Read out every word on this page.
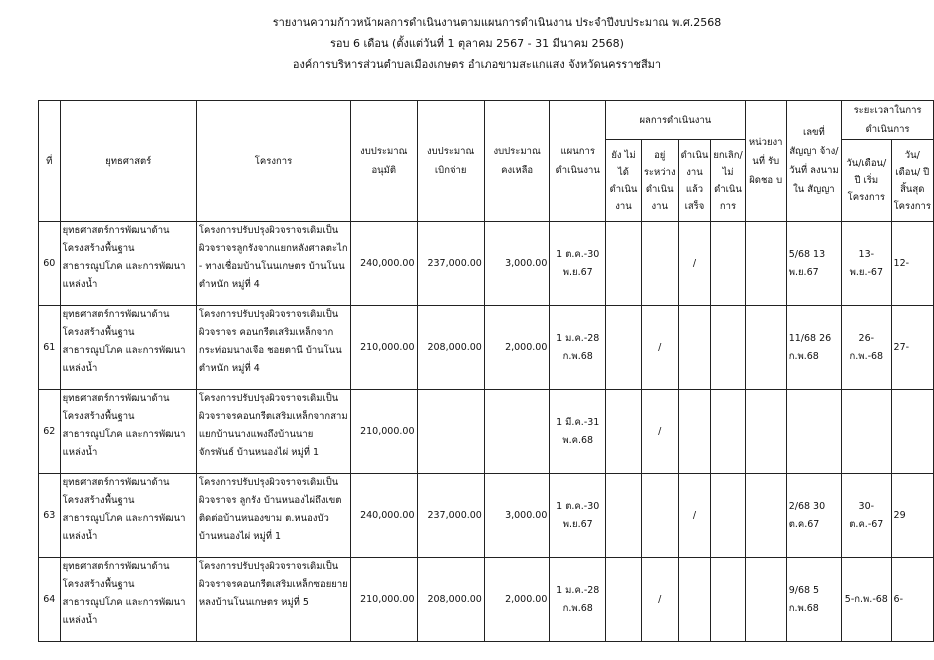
รายงานความก้าวหน้าผลการดำเนินงานตามแผนการดำเนินงาน ประจำปีงบประมาณ พ.ศ.2568
รอบ 6 เดือน (ตั้งแต่วันที่ 1 ตุลาคม 2567 - 31 มีนาคม 2568)
องค์การบริหารส่วนตำบลเมืองเกษตร อำเภอขามสะแกแสง จังหวัดนครราชสีมา
ที่	ยุทธศาสตร์	โครงการ	งบประมาณ อนุมัติ	งบประมาณ เบิกจ่าย	งบประมาณ คงเหลือ	แผนการ ดำเนินงาน	ผลการดำเนินงาน				หน่วยงา นที่ รับผิดชอ บ	เลขที่ สัญญา จ้าง/วันที่ ลงนามใน สัญญา	ระยะเวลาในการ ดำเนินการ	
							ยัง ไม่ได้ ดำเนินงาน	อยู่ ระหว่าง ดำเนินงาน	ดำเนิน งาน แล้ว เสร็จ	ยกเลิก/ ไม่ ดำเนินการ			วัน/เดือน/ ปี เริ่ม โครงการ	วัน/เดือน/ ปี สิ้นสุด โครงการ
60	ยุทธศาสตร์การพัฒนาด้านโครงสร้างพื้นฐาน สาธารณูปโภค และการพัฒนาแหล่งน้ำ	โครงการปรับปรุงผิวจราจรเดิมเป็นผิวจราจรลูกรังจากแยกหลังศาลตะไก - ทางเชื่อมบ้านโนนเกษตร บ้านโนนตำหนัก หมู่ที่ 4	240,000.00	237,000.00	3,000.00	1 ต.ค.-30 พ.ย.67			/			5/68 13 พ.ย.67	13-พ.ย.-67	12-
61	ยุทธศาสตร์การพัฒนาด้านโครงสร้างพื้นฐาน สาธารณูปโภค และการพัฒนาแหล่งน้ำ	โครงการปรับปรุงผิวจราจรเดิมเป็นผิวจราจร คอนกรีตเสริมเหล็กจากกระท่อมนางเจือ ชอยตานี บ้านโนนตำหนัก หมู่ที่ 4	210,000.00	208,000.00	2,000.00	1 ม.ค.-28 ก.พ.68		/				11/68 26 ก.พ.68	26-ก.พ.-68	27-
62	ยุทธศาสตร์การพัฒนาด้านโครงสร้างพื้นฐาน สาธารณูปโภค และการพัฒนาแหล่งน้ำ	โครงการปรับปรุงผิวจราจรเดิมเป็นผิวจราจรคอนกรีตเสริมเหล็กจากสามแยกบ้านนางแพงถึงบ้านนายจักรพันธ์ บ้านหนองไผ่ หมู่ที่ 1	210,000.00			1 มี.ค.-31 พ.ค.68		/						
63	ยุทธศาสตร์การพัฒนาด้านโครงสร้างพื้นฐาน สาธารณูปโภค และการพัฒนาแหล่งน้ำ	โครงการปรับปรุงผิวจราจรเดิมเป็นผิวจราจร ลูกรัง บ้านหนองไผ่ถึงเขตติดต่อบ้านหนองขาม ต.หนองบัว บ้านหนองไผ่ หมู่ที่ 1	240,000.00	237,000.00	3,000.00	1 ต.ค.-30 พ.ย.67			/			2/68 30 ต.ค.67	30-ต.ค.-67	29
64	ยุทธศาสตร์การพัฒนาด้านโครงสร้างพื้นฐาน สาธารณูปโภค และการพัฒนาแหล่งน้ำ	โครงการปรับปรุงผิวจราจรเดิมเป็นผิวจราจรคอนกรีตเสริมเหล็กซอยยายหลงบ้านโนนเกษตร หมู่ที่ 5	210,000.00	208,000.00	2,000.00	1 ม.ค.-28 ก.พ.68		/				9/68 5 ก.พ.68	5-ก.พ.-68	6-
